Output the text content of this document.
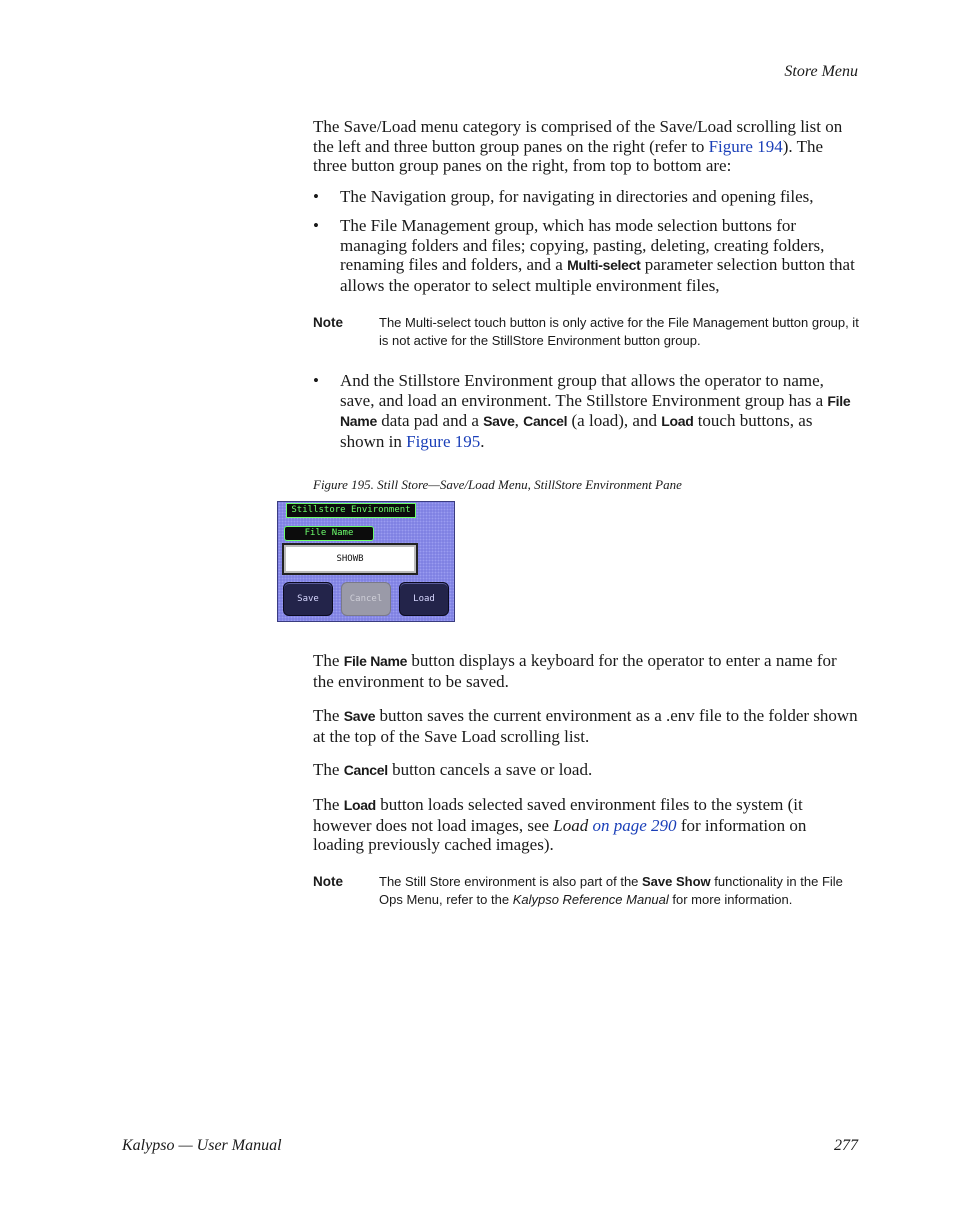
Store Menu
The Save/Load menu category is comprised of the Save/Load scrolling list on the left and three button group panes on the right (refer to Figure 194). The three button group panes on the right, from top to bottom are:
• The Navigation group, for navigating in directories and opening files,
• The File Management group, which has mode selection buttons for managing folders and files; copying, pasting, deleting, creating folders, renaming files and folders, and a Multi-select parameter selection button that allows the operator to select multiple environment files,
Note	The Multi-select touch button is only active for the File Management button group, it is not active for the StillStore Environment button group.
• And the Stillstore Environment group that allows the operator to name, save, and load an environment. The Stillstore Environment group has a File Name data pad and a Save, Cancel (a load), and Load touch buttons, as shown in Figure 195.
Figure 195. Still Store—Save/Load Menu, StillStore Environment Pane
Stillstore Environment
File Name
SHOWB
Save	Cancel	Load
The File Name button displays a keyboard for the operator to enter a name for the environment to be saved.
The Save button saves the current environment as a .env file to the folder shown at the top of the Save Load scrolling list.
The Cancel button cancels a save or load.
The Load button loads selected saved environment files to the system (it however does not load images, see Load on page 290 for information on loading previously cached images).
Note	The Still Store environment is also part of the Save Show functionality in the File Ops Menu, refer to the Kalypso Reference Manual for more information.
Kalypso — User Manual	277
